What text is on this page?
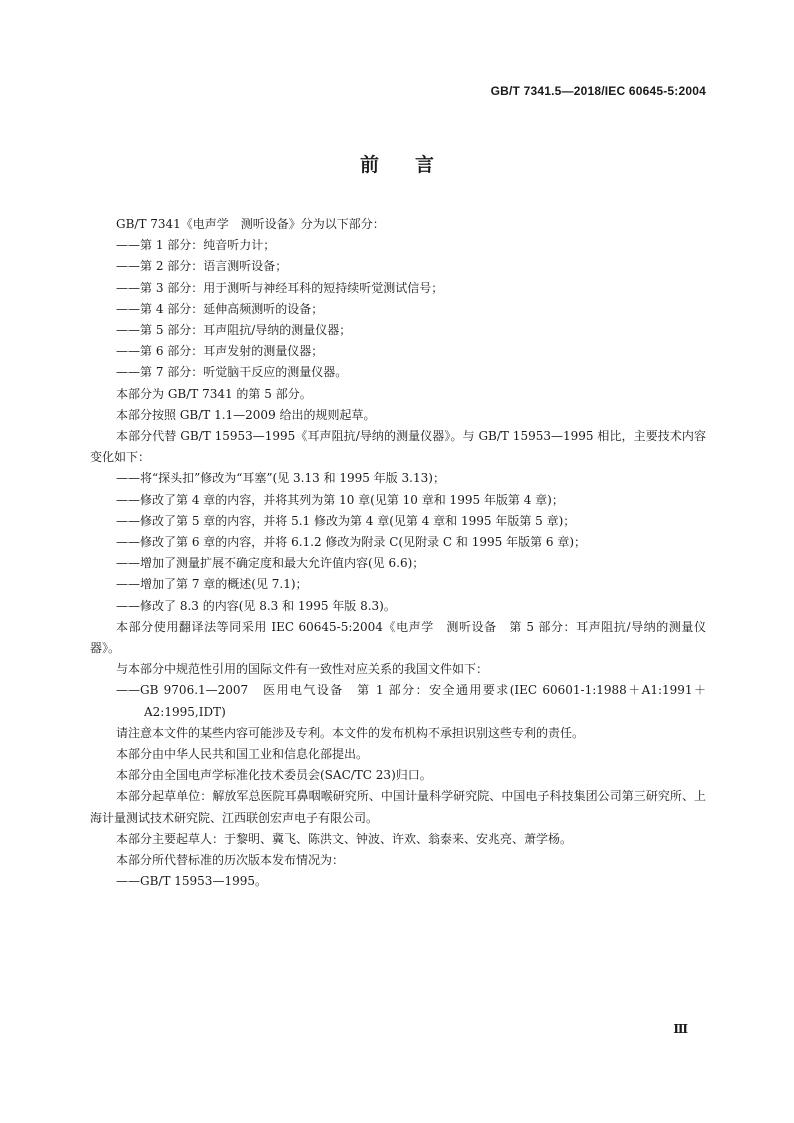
GB/T 7341.5—2018/IEC 60645-5:2004
前言

GB/T 7341《电声学　测听设备》分为以下部分：

——第 1 部分：纯音听力计；

——第 2 部分：语言测听设备；

——第 3 部分：用于测听与神经耳科的短持续听觉测试信号；

——第 4 部分：延伸高频测听的设备；

——第 5 部分：耳声阻抗/导纳的测量仪器；

——第 6 部分：耳声发射的测量仪器；

——第 7 部分：听觉脑干反应的测量仪器。

本部分为 GB/T 7341 的第 5 部分。

本部分按照 GB/T 1.1—2009 给出的规则起草。

本部分代替 GB/T 15953—1995《耳声阻抗/导纳的测量仪器》。与 GB/T 15953—1995 相比，主要技术内容变化如下：

——将“探头扣”修改为“耳塞”(见 3.13 和 1995 年版 3.13)；

——修改了第 4 章的内容，并将其列为第 10 章(见第 10 章和 1995 年版第 4 章)；

——修改了第 5 章的内容，并将 5.1 修改为第 4 章(见第 4 章和 1995 年版第 5 章)；

——修改了第 6 章的内容，并将 6.1.2 修改为附录 C(见附录 C 和 1995 年版第 6 章)；

——增加了测量扩展不确定度和最大允许值内容(见 6.6)；

——增加了第 7 章的概述(见 7.1)；

——修改了 8.3 的内容(见 8.3 和 1995 年版 8.3)。

本部分使用翻译法等同采用 IEC 60645-5:2004《电声学　测听设备　第 5 部分：耳声阻抗/导纳的测量仪器》。

与本部分中规范性引用的国际文件有一致性对应关系的我国文件如下：

——GB 9706.1—2007　医用电气设备　第 1 部分：安全通用要求(IEC 60601-1:1988＋A1:1991＋A2:1995,IDT)

请注意本文件的某些内容可能涉及专利。本文件的发布机构不承担识别这些专利的责任。

本部分由中华人民共和国工业和信息化部提出。

本部分由全国电声学标准化技术委员会(SAC/TC 23)归口。

本部分起草单位：解放军总医院耳鼻咽喉研究所、中国计量科学研究院、中国电子科技集团公司第三研究所、上海计量测试技术研究院、江西联创宏声电子有限公司。

本部分主要起草人：于黎明、冀飞、陈洪文、钟波、许欢、翁泰来、安兆亮、萧学杨。

本部分所代替标准的历次版本发布情况为：

——GB/T 15953—1995。

Ⅲ
